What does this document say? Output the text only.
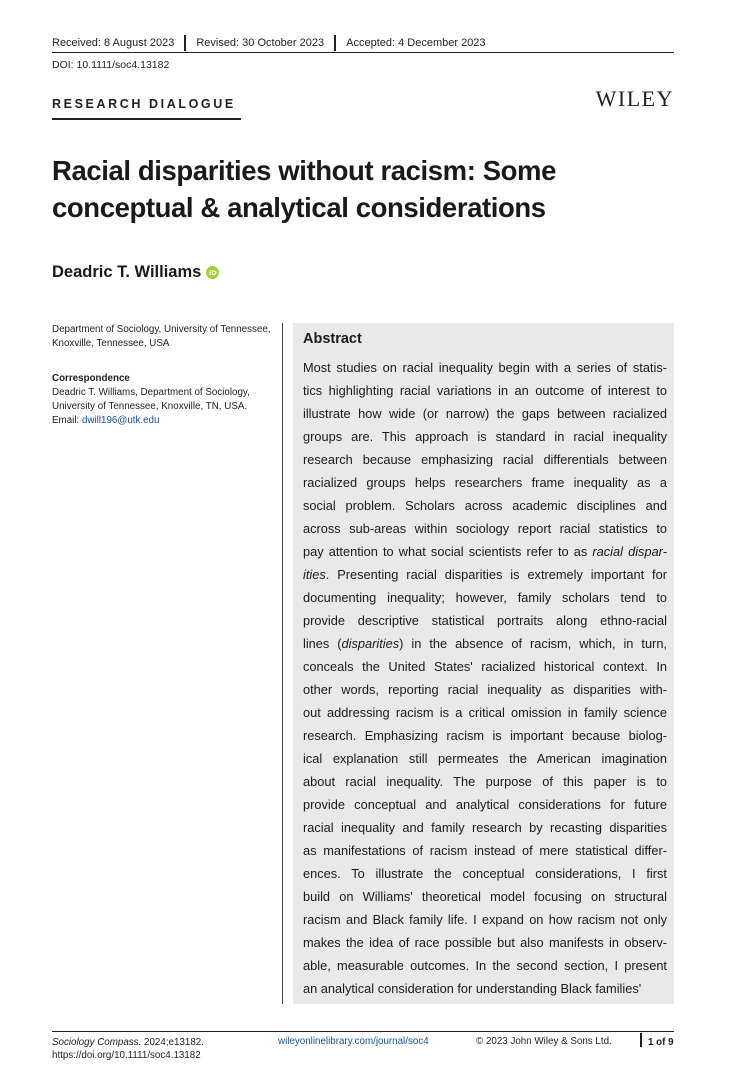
Received: 8 August 2023 Revised: 30 October 2023 Accepted: 4 December 2023
DOI: 10.1111/soc4.13182
RESEARCH DIALOGUE	WILEY
Racial disparities without racism: Some conceptual & analytical considerations
Deadric T. Williams iD

Department of Sociology, University of Tennessee, Knoxville, Tennessee, USA

Correspondence

Deadric T. Williams, Department of Sociology, University of Tennessee, Knoxville, TN, USA.

Email: dwill196@utk.edu

Abstract
Most studies on racial inequality begin with a series of statis-
tics highlighting racial variations in an outcome of interest to
illustrate how wide (or narrow) the gaps between racialized
groups are. This approach is standard in racial inequality
research because emphasizing racial differentials between
racialized groups helps researchers frame inequality as a
social problem. Scholars across academic disciplines and
across sub-areas within sociology report racial statistics to
pay attention to what social scientists refer to as racial dispar-
ities. Presenting racial disparities is extremely important for
documenting inequality; however, family scholars tend to
provide descriptive statistical portraits along ethno-racial
lines (disparities) in the absence of racism, which, in turn,
conceals the United States' racialized historical context. In
other words, reporting racial inequality as disparities with-
out addressing racism is a critical omission in family science
research. Emphasizing racism is important because biolog-
ical explanation still permeates the American imagination
about racial inequality. The purpose of this paper is to
provide conceptual and analytical considerations for future
racial inequality and family research by recasting disparities
as manifestations of racism instead of mere statistical differ-
ences. To illustrate the conceptual considerations, I first
build on Williams' theoretical model focusing on structural
racism and Black family life. I expand on how racism not only
makes the idea of race possible but also manifests in observ-
able, measurable outcomes. In the second section, I present
an analytical consideration for understanding Black families'
Sociology Compass. 2024;e13182.
https://doi.org/10.1111/soc4.13182
wileyonlinelibrary.com/journal/soc4	© 2023 John Wiley & Sons Ltd.	1 of 9
